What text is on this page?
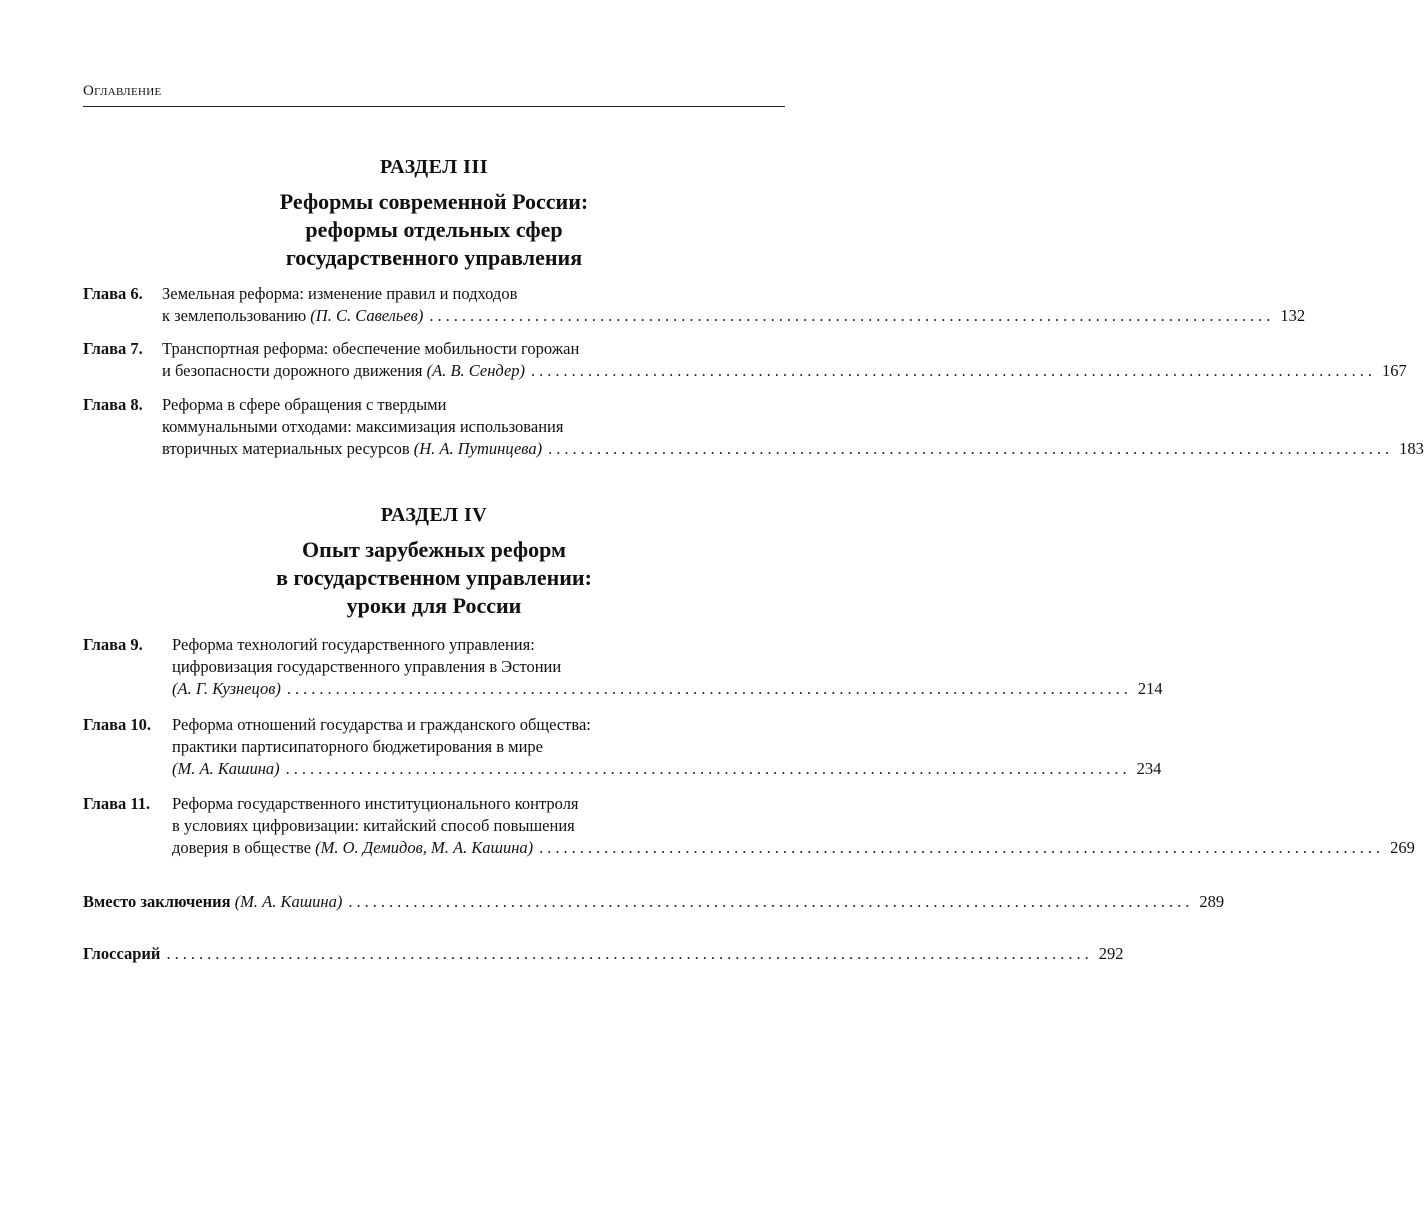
Оглавление
РАЗДЕЛ III
Реформы современной России:
реформы отдельных сфер
государственного управления
Глава 6. Земельная реформа: изменение правил и подходов
к землепользованию
(П. С. Савельев) ........................................................................................................ 132
Глава 7. Транспортная реформа: обеспечение мобильности горожан
и безопасности дорожного движения
(А. В. Сендер) ........................................................................................................ 167
Глава 8. Реформа в сфере обращения с твердыми
коммунальными отходами: максимизация использования
вторичных материальных ресурсов
(Н. А. Путинцева) ........................................................................................................ 183
РАЗДЕЛ IV
Опыт зарубежных реформ
в государственном управлении:
уроки для России
Глава 9. Реформа технологий государственного управления:
цифровизация государственного управления в Эстонии
(А. Г. Кузнецов) ........................................................................................................ 214
Глава 10. Реформа отношений государства и гражданского общества:
практики партисипаторного бюджетирования в мире
(М. А. Кашина) ........................................................................................................ 234
Глава 11. Реформа государственного институционального контроля
в условиях цифровизации: китайский способ повышения
доверия в обществе
(М. О. Демидов, М. А. Кашина) ........................................................................................................ 269
Вместо заключения
(М. А. Кашина) ........................................................................................................ 289
Глоссарий .................................................................................................................. 292
